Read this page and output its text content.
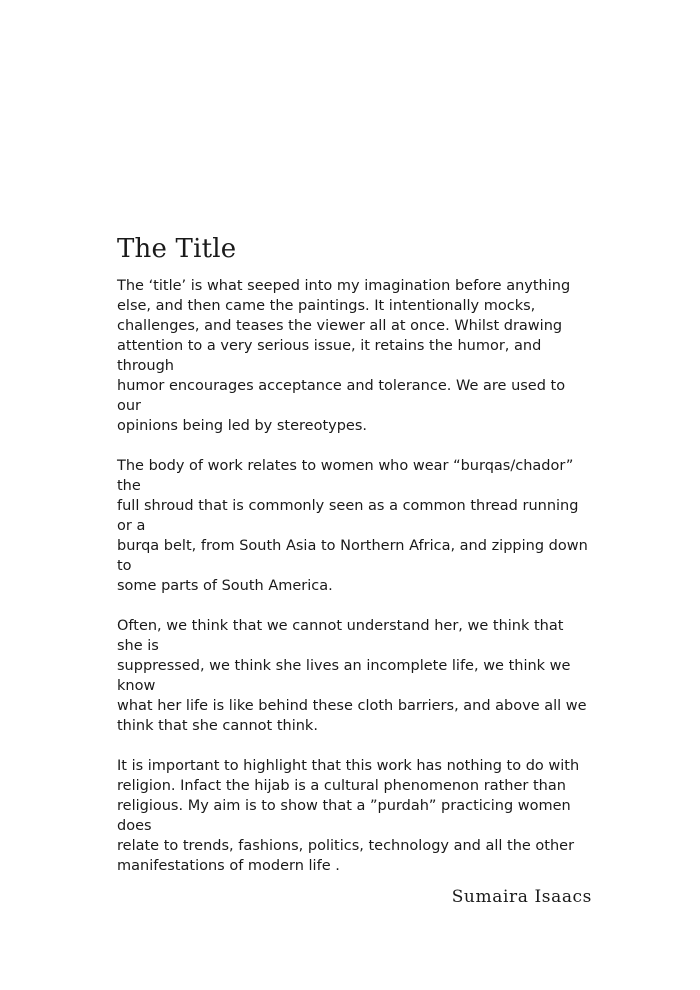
The Title

The ‘title’ is what seeped into my imagination before anything
else, and then came the paintings. It intentionally mocks,
challenges, and teases the viewer all at once. Whilst drawing
attention to a very serious issue, it retains the humor, and through
humor encourages acceptance and tolerance. We are used to our
opinions being led by stereotypes.

The body of work relates to women who wear “burqas/chador” the
full shroud that is commonly seen as a common thread running or a
burqa belt, from South Asia to Northern Africa, and zipping down to
some parts of South America.

Often, we think that we cannot understand her, we think that she is
suppressed, we think she lives an incomplete life, we think we know
what her life is like behind these cloth barriers, and above all we
think that she cannot think.

It is important to highlight that this work has nothing to do with
religion. Infact the hijab is a cultural phenomenon rather than
religious. My aim is to show that a ”purdah” practicing women does
relate to trends, fashions, politics, technology and all the other
manifestations of modern life .

Sumaira Isaacs
